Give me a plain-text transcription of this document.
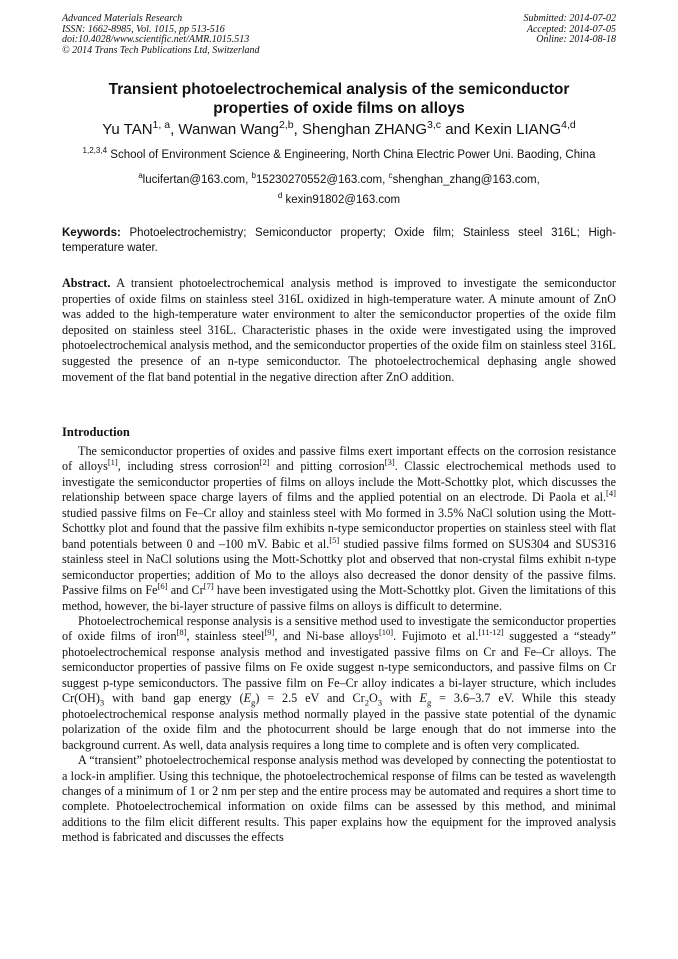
Advanced Materials Research
ISSN: 1662-8985, Vol. 1015, pp 513-516
doi:10.4028/www.scientific.net/AMR.1015.513
© 2014 Trans Tech Publications Ltd, Switzerland
Submitted: 2014-07-02
Accepted: 2014-07-05
Online: 2014-08-18
Transient photoelectrochemical analysis of the semiconductor
properties of oxide films on alloys
Yu TAN$^{1, a}$, Wanwan Wang$^{2,b}$, Shenghan ZHANG$^{3,c}$ and Kexin LIANG$^{4,d}$
$^{1,2,3,4}$ School of Environment Science & Engineering, North China Electric Power Uni. Baoding, China
$^a$lucifertan@163.com, $^b$15230270552@163.com, $^c$shenghan_zhang@163.com,
$^d$ kexin91802@163.com
Keywords: Photoelectrochemistry; Semiconductor property; Oxide film; Stainless steel 316L; High-temperature water.
Abstract. A transient photoelectrochemical analysis method is improved to investigate the semiconductor properties of oxide films on stainless steel 316L oxidized in high-temperature water. A minute amount of ZnO was added to the high-temperature water environment to alter the semiconductor properties of the oxide film deposited on stainless steel 316L. Characteristic phases in the oxide were investigated using the improved photoelectrochemical analysis method, and the semiconductor properties of the oxide film on stainless steel 316L suggested the presence of an n-type semiconductor. The photoelectrochemical dephasing angle showed movement of the flat band potential in the negative direction after ZnO addition.
Introduction

The semiconductor properties of oxides and passive films exert important effects on the corrosion resistance of alloys[1], including stress corrosion[2] and pitting corrosion[3]. Classic electrochemical methods used to investigate the semiconductor properties of films on alloys include the Mott-Schottky plot, which discusses the relationship between space charge layers of films and the applied potential on an electrode. Di Paola et al.[4] studied passive films on Fe–Cr alloy and stainless steel with Mo formed in 3.5% NaCl solution using the Mott-Schottky plot and found that the passive film exhibits n-type semiconductor properties on stainless steel with flat band potentials between 0 and –100 mV. Babic et al.[5] studied passive films formed on SUS304 and SUS316 stainless steel in NaCl solutions using the Mott-Schottky plot and observed that non-crystal films exhibit n-type semiconductor properties; addition of Mo to the alloys also decreased the donor density of the passive films. Passive films on Fe[6] and Cr[7] have been investigated using the Mott-Schottky plot. Given the limitations of this method, however, the bi-layer structure of passive films on alloys is difficult to determine.

Photoelectrochemical response analysis is a sensitive method used to investigate the semiconductor properties of oxide films of iron[8], stainless steel[9], and Ni-base alloys[10]. Fujimoto et al.[11-12] suggested a “steady” photoelectrochemical response analysis method and investigated passive films on Cr and Fe–Cr alloys. The semiconductor properties of passive films on Fe oxide suggest n-type semiconductors, and passive films on Cr suggest p-type semiconductors. The passive film on Fe–Cr alloy indicates a bi-layer structure, which includes $Cr(OH)_3$ with band gap energy $(E_g) = 2.5$ eV and $Cr_2O_3$ with $E_g = 3.6-3.7$ eV. While this steady photoelectrochemical response analysis method normally played in the passive state potential of the dynamic polarization of the oxide film and the photocurrent should be large enough that do not immerse into the background current. As well, data analysis requires a long time to complete and is often very complicated.

A “transient” photoelectrochemical response analysis method was developed by connecting the potentiostat to a lock-in amplifier. Using this technique, the photoelectrochemical response of films can be tested as wavelength changes of a minimum of 1 or 2 nm per step and the entire process may be automated and requires a short time to complete. Photoelectrochemical information on oxide films can be assessed by this method, and minimal additions to the film elicit different results. This paper explains how the equipment for the improved analysis method is fabricated and discusses the effects
